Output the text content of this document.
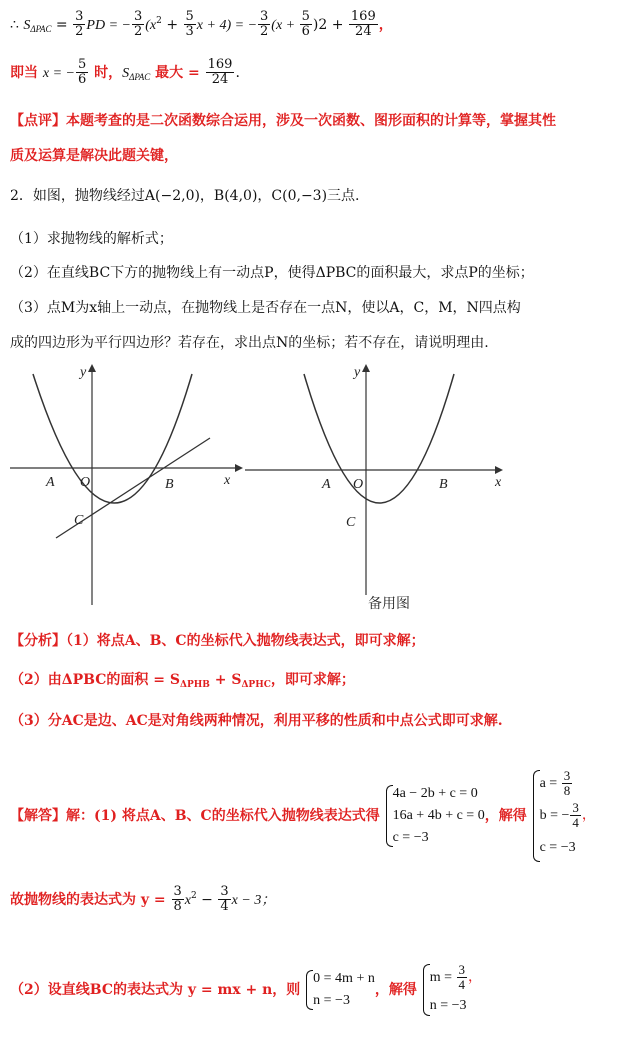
∴ $S_{\Delta PAC} = \frac{3}{2}$ PD = − $\frac{3}{2} (x^2 + \frac{5}{3}$ x + 4) = − $\frac{3}{2} (x + \frac{5}{6} )2 + \frac{169}{24}$ ，
即当 x = − $\frac{5}{6}$ 时，$S_{\Delta PAC}$ 最大 = $\frac{169}{24}$ .
【点评】本题考查的是二次函数综合运用，涉及一次函数、图形面积的计算等，掌握其性
质及运算是解决此题关键，
2．如图，抛物线经过A(−2,0)，B(4,0)，C(0,−3)三点.
（1）求抛物线的解析式；
（2）在直线BC下方的抛物线上有一动点P，使得ΔPBC的面积最大，求点P的坐标；
（3）点M为x轴上一动点，在抛物线上是否存在一点N，使以A，C，M，N四点构
成的四边形为平行四边形？若存在，求出点N的坐标；若不存在，请说明理由.
y
x
A O	B
C
y
x
A O	B
C
备用图
【分析】（1）将点A、B、C的坐标代入抛物线表达式，即可求解；
（2）由ΔPBC的面积 = $S_{\Delta PHB} + S_{\Delta PHC}$，即可求解；
（3）分AC是边、AC是对角线两种情况，利用平移的性质和中点公式即可求解.
【解答】解：(1) 将点A、B、C的坐标代入抛物线表达式得
4a − 2b + c = 0
16a + 4b + c = 0
c = −3
，解得
$a = \frac{3}{8}$
b = − $\frac{3}{4}$ ，
c = −3
故抛物线的表达式为 $y = \frac{3}{8} x^2 - \frac{3}{4}$ x − 3；
（2）设直线BC的表达式为 y = mx + n，则
0 = 4m + n
n = −3
，解得
$m = \frac{3}{4}$ ，
n = −3
